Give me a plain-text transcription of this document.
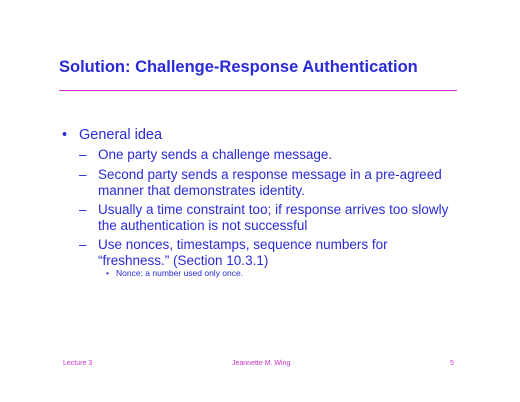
Solution: Challenge-Response Authentication
• General idea
– One party sends a challenge message.
– Second party sends a response message in a pre-agreed
manner that demonstrates identity.
– Usually a time constraint too; if response arrives too slowly
the authentication is not successful
– Use nonces, timestamps, sequence numbers for
“freshness.” (Section 10.3.1)
• Nonce: a number used only once.
Lecture 3	Jeannette M. Wing	5
